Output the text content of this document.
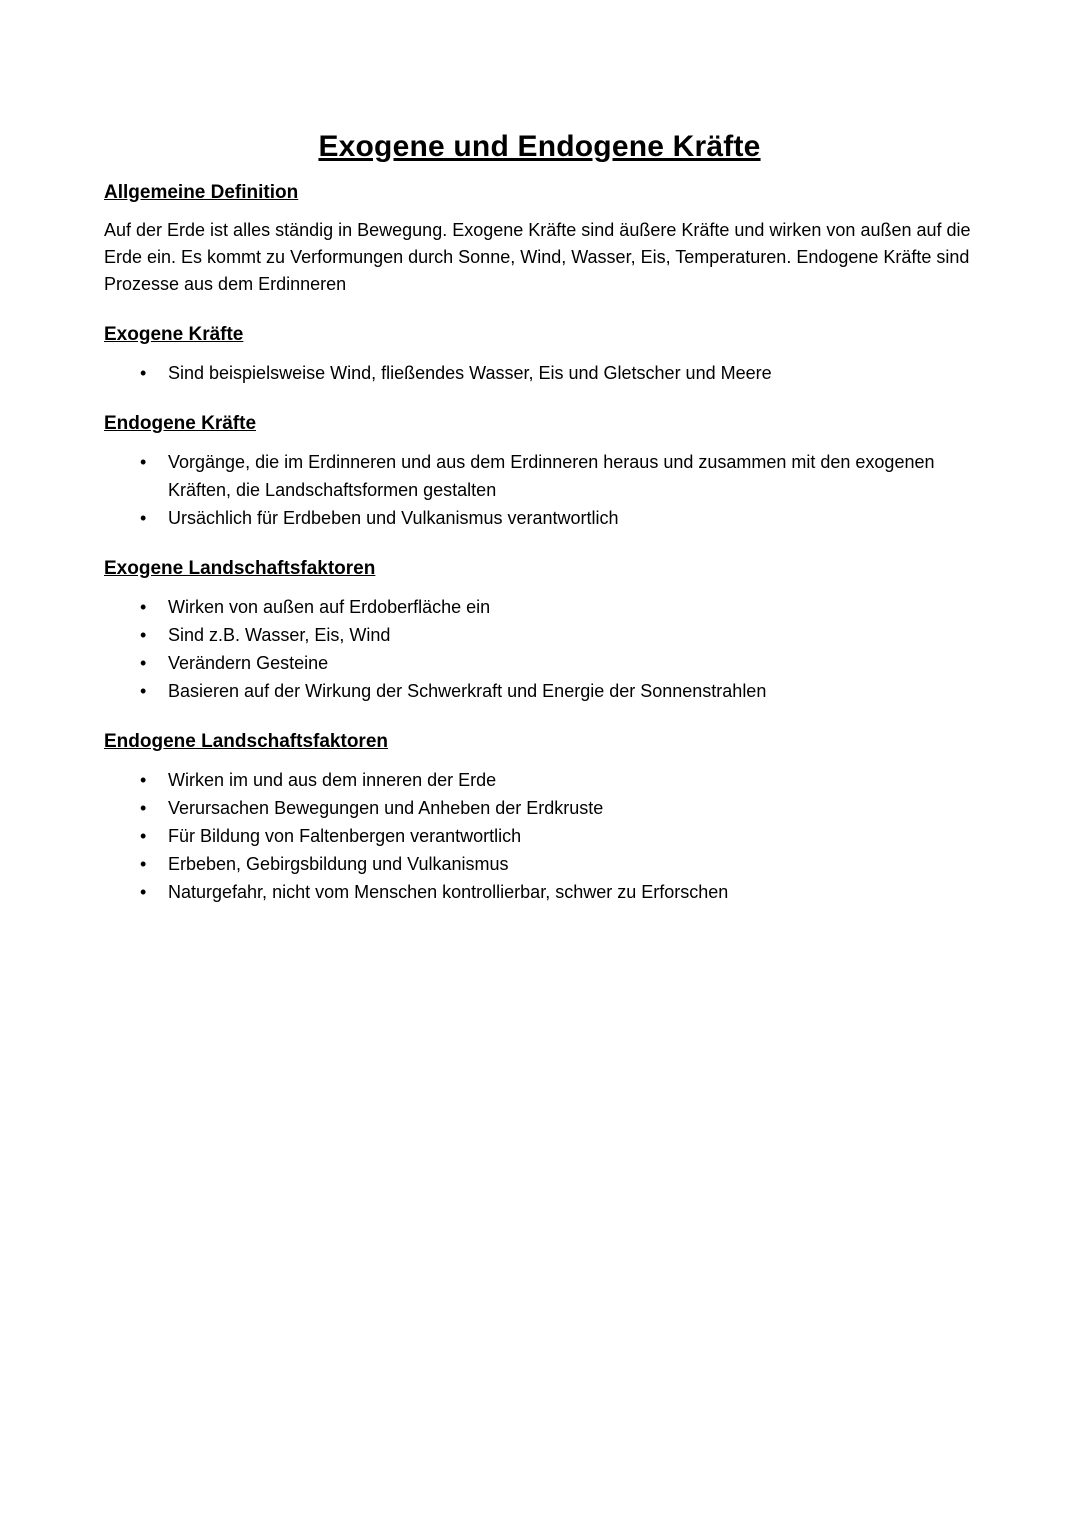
Exogene und Endogene Kräfte
Allgemeine Definition

Auf der Erde ist alles ständig in Bewegung. Exogene Kräfte sind äußere Kräfte und wirken von außen auf die Erde ein. Es kommt zu Verformungen durch Sonne, Wind, Wasser, Eis, Temperaturen. Endogene Kräfte sind Prozesse aus dem Erdinneren

Exogene Kräfte
• Sind beispielsweise Wind, fließendes Wasser, Eis und Gletscher und Meere
Endogene Kräfte
• Vorgänge, die im Erdinneren und aus dem Erdinneren heraus und zusammen mit den exogenen Kräften, die Landschaftsformen gestalten
• Ursächlich für Erdbeben und Vulkanismus verantwortlich
Exogene Landschaftsfaktoren
• Wirken von außen auf Erdoberfläche ein
• Sind z.B. Wasser, Eis, Wind
• Verändern Gesteine
• Basieren auf der Wirkung der Schwerkraft und Energie der Sonnenstrahlen
Endogene Landschaftsfaktoren
• Wirken im und aus dem inneren der Erde
• Verursachen Bewegungen und Anheben der Erdkruste
• Für Bildung von Faltenbergen verantwortlich
• Erbeben, Gebirgsbildung und Vulkanismus
• Naturgefahr, nicht vom Menschen kontrollierbar, schwer zu Erforschen
